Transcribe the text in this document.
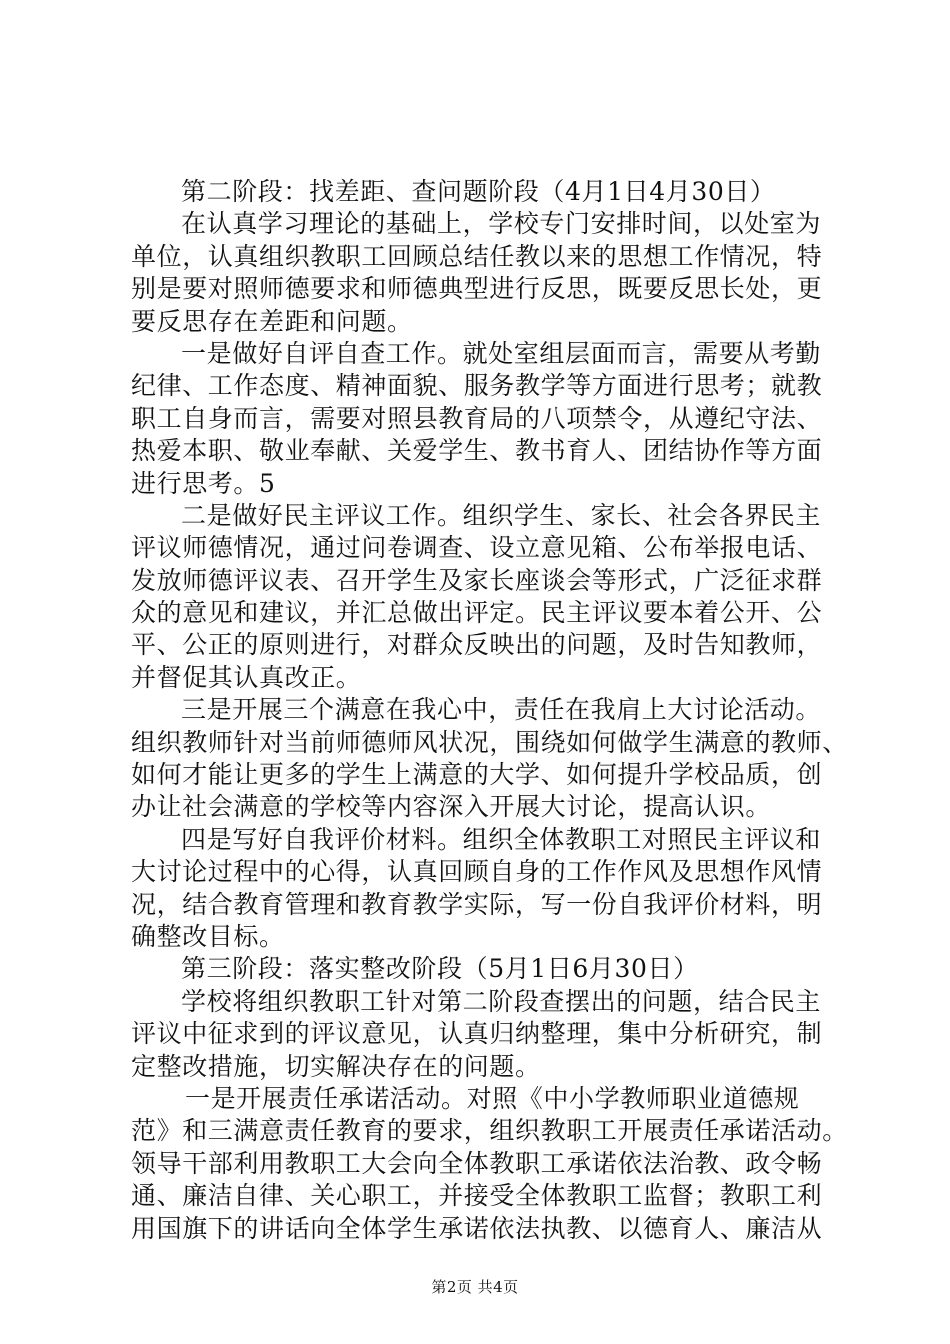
第二阶段：找差距、查问题阶段（4月1日4月30日）
在认真学习理论的基础上，学校专门安排时间，以处室为
单位，认真组织教职工回顾总结任教以来的思想工作情况，特
别是要对照师德要求和师德典型进行反思，既要反思长处，更
要反思存在差距和问题。
一是做好自评自查工作。就处室组层面而言，需要从考勤
纪律、工作态度、精神面貌、服务教学等方面进行思考；就教
职工自身而言，需要对照县教育局的八项禁令，从遵纪守法、
热爱本职、敬业奉献、关爱学生、教书育人、团结协作等方面
进行思考。5
二是做好民主评议工作。组织学生、家长、社会各界民主
评议师德情况，通过问卷调查、设立意见箱、公布举报电话、
发放师德评议表、召开学生及家长座谈会等形式，广泛征求群
众的意见和建议，并汇总做出评定。民主评议要本着公开、公
平、公正的原则进行，对群众反映出的问题，及时告知教师，
并督促其认真改正。
三是开展三个满意在我心中，责任在我肩上大讨论活动。
组织教师针对当前师德师风状况，围绕如何做学生满意的教师、
如何才能让更多的学生上满意的大学、如何提升学校品质，创
办让社会满意的学校等内容深入开展大讨论，提高认识。
四是写好自我评价材料。组织全体教职工对照民主评议和
大讨论过程中的心得，认真回顾自身的工作作风及思想作风情
况，结合教育管理和教育教学实际，写一份自我评价材料，明
确整改目标。
第三阶段：落实整改阶段（5月1日6月30日）
学校将组织教职工针对第二阶段查摆出的问题，结合民主
评议中征求到的评议意见，认真归纳整理，集中分析研究，制
定整改措施，切实解决存在的问题。
一是开展责任承诺活动。对照《中小学教师职业道德规
范》和三满意责任教育的要求，组织教职工开展责任承诺活动。
领导干部利用教职工大会向全体教职工承诺依法治教、政令畅
通、廉洁自律、关心职工，并接受全体教职工监督；教职工利
用国旗下的讲话向全体学生承诺依法执教、以德育人、廉洁从
第2页 共4页
